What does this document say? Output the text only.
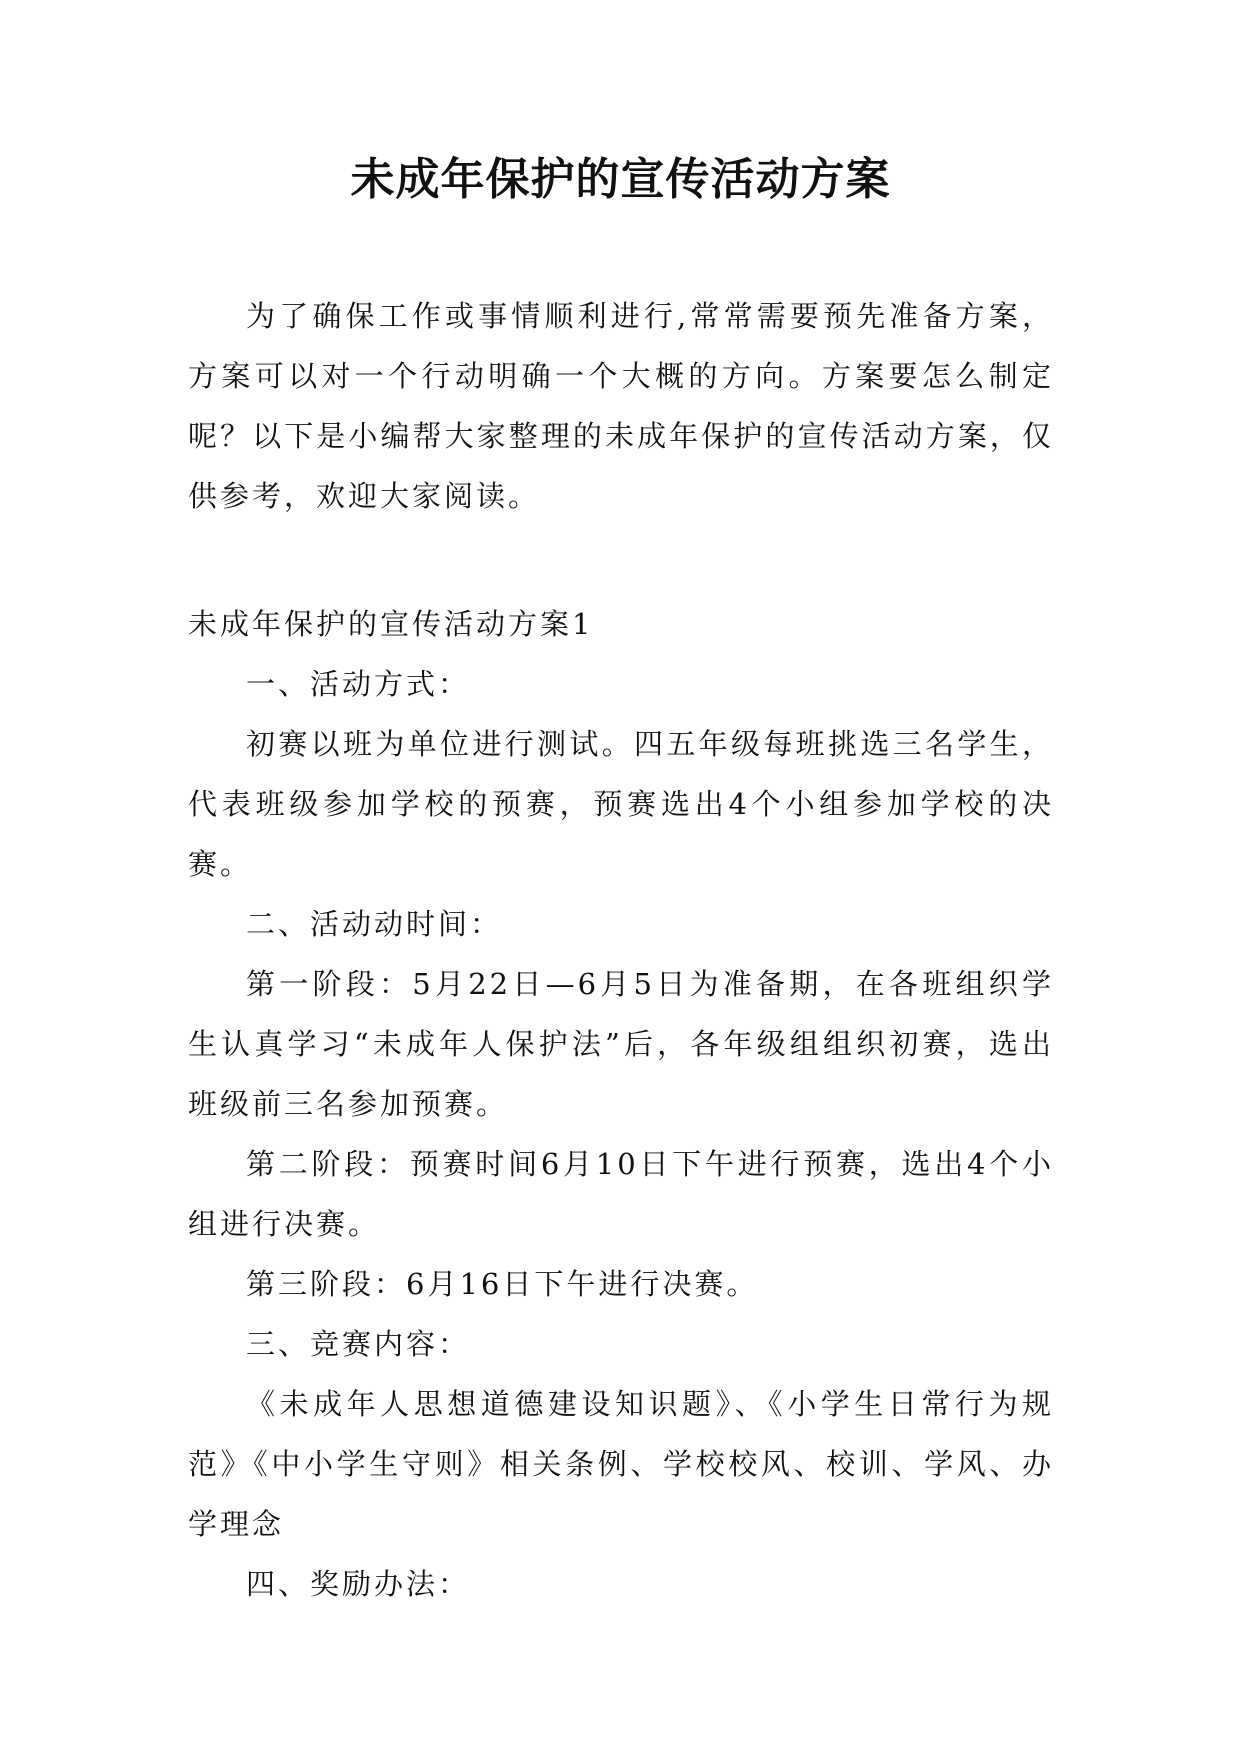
未成年保护的宣传活动方案

为了确保工作或事情顺利进行,常常需要预先准备方案，方案可以对一个行动明确一个大概的方向。方案要怎么制定呢？以下是小编帮大家整理的未成年保护的宣传活动方案，仅供参考，欢迎大家阅读。

未成年保护的宣传活动方案1

一、活动方式：

初赛以班为单位进行测试。四五年级每班挑选三名学生，代表班级参加学校的预赛，预赛选出4个小组参加学校的决赛。

二、活动动时间：

第一阶段：5月22日—6月5日为准备期，在各班组织学生认真学习“未成年人保护法”后，各年级组组织初赛，选出班级前三名参加预赛。

第二阶段：预赛时间6月10日下午进行预赛，选出4个小组进行决赛。

第三阶段：6月16日下午进行决赛。

三、竞赛内容：

《未成年人思想道德建设知识题》、《小学生日常行为规范》《中小学生守则》相关条例、学校校风、校训、学风、办学理念

四、奖励办法：
